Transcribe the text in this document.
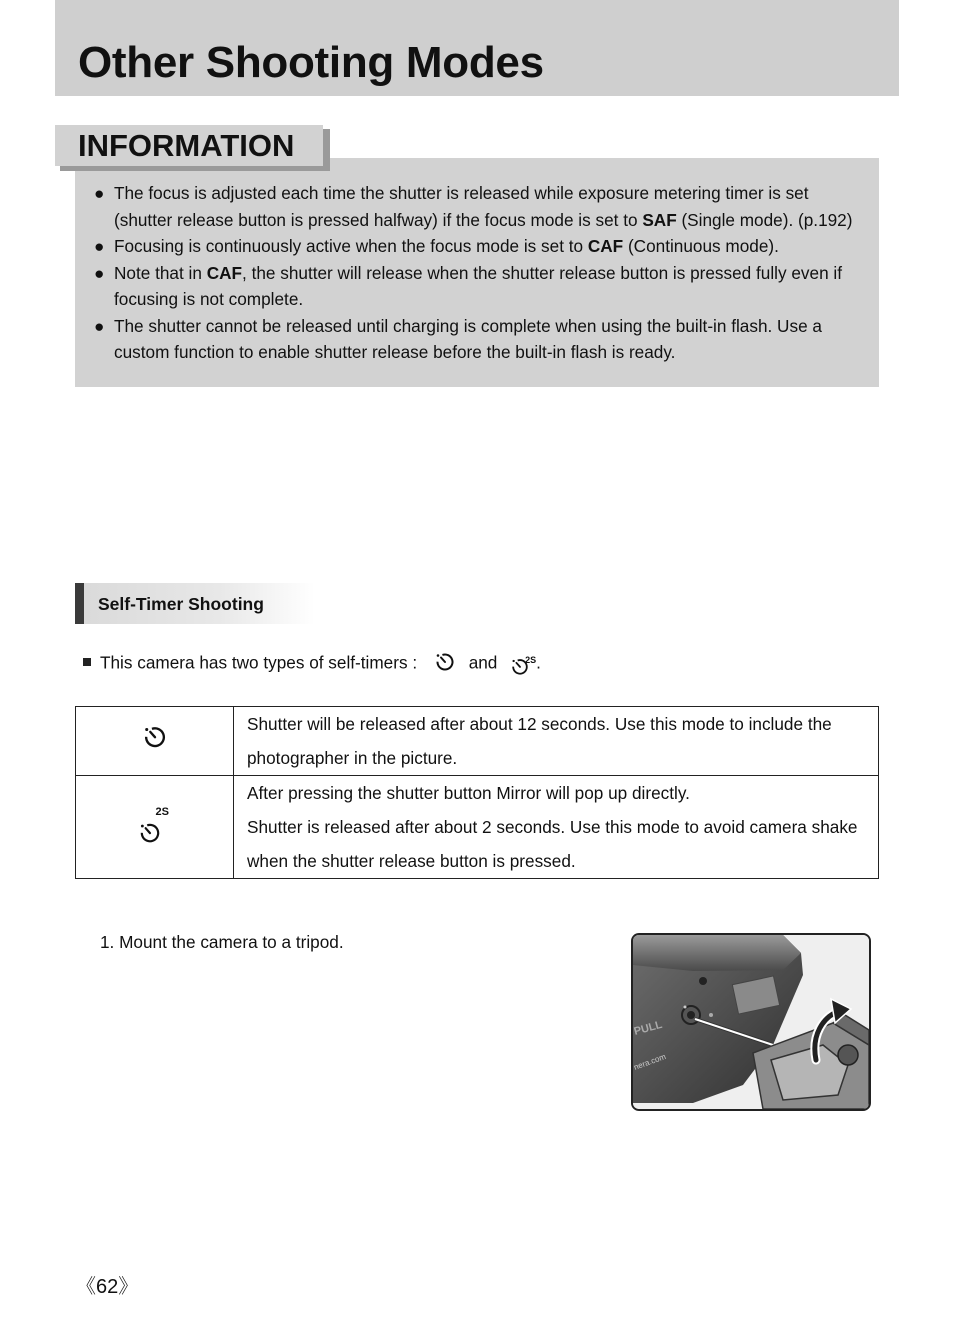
Other Shooting Modes
INFORMATION
● The focus is adjusted each time the shutter is released while exposure metering timer is set (shutter release button is pressed halfway) if the focus mode is set to SAF (Single mode). (p.192)
● Focusing is continuously active when the focus mode is set to CAF (Continuous mode).
● Note that in CAF, the shutter will release when the shutter release button is pressed fully even if focusing is not complete.
● The shutter cannot be released until charging is complete when using the built-in flash. Use a custom function to enable shutter release before the built-in flash is ready.
Self-Timer Shooting
This camera has two types of self-timers :	and	2S .

Shutter will be released after about 12 seconds. Use this mode to include the photographer in the picture.

2S	After pressing the shutter button Mirror will pop up directly.
Shutter is released after about 2 seconds. Use this mode to avoid camera shake when the shutter release button is pressed.
1. Mount the camera to a tripod.
PULL
nera.com
《62》
